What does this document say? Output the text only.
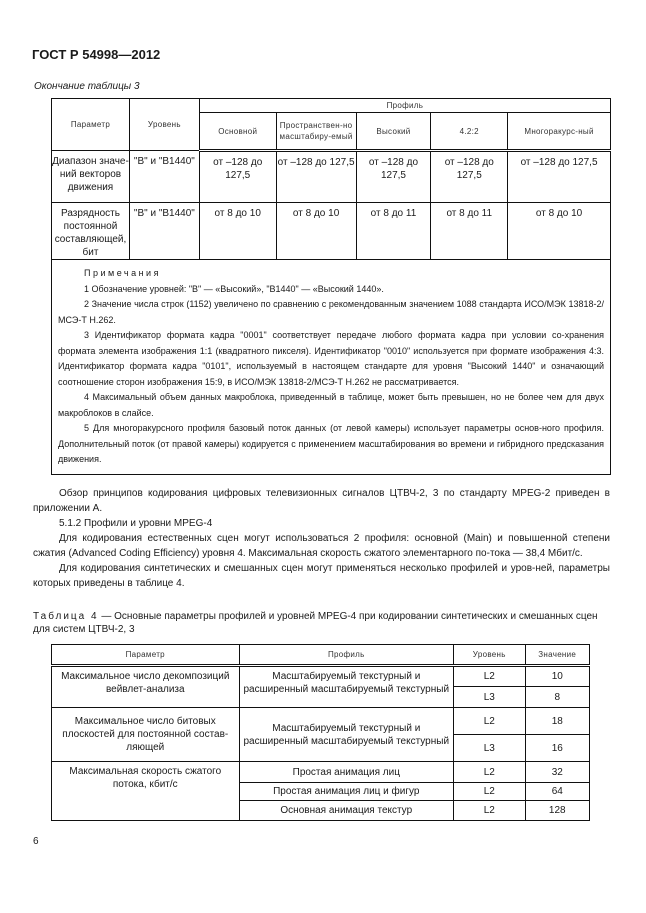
ГОСТ Р 54998—2012
Окончание таблицы 3
Параметр	Уровень	Профиль				
		Основной	Пространствен-но масштабиру-емый	Высокий	4.2:2	Многоракурс-ный
Диапазон значе-ний векторов движения	"В" и "В1440"	от –128 до 127,5	от –128 до 127,5	от –128 до 127,5	от –128 до 127,5	от –128 до 127,5
Разрядность постоянной составляющей, бит	"В" и "В1440"	от 8 до 10	от 8 до 10	от 8 до 11	от 8 до 11	от 8 до 10

Примечания

1 Обозначение уровней: "В" — «Высокий», "В1440" — «Высокий 1440».

2 Значение числа строк (1152) увеличено по сравнению с рекомендованным значением 1088 стандарта ИСО/МЭК 13818-2/МСЭ-Т Н.262.

3 Идентификатор формата кадра "0001" соответствует передаче любого формата кадра при условии со-хранения формата элемента изображения 1:1 (квадратного пикселя). Идентификатор "0010" используется при формате изображения 4:3. Идентификатор формата кадра "0101", используемый в настоящем стандарте для уровня "Высокий 1440" и означающий соотношение сторон изображения 15:9, в ИСО/МЭК 13818-2/МСЭ-Т Н.262 не рассматривается.

4 Максимальный объем данных макроблока, приведенный в таблице, может быть превышен, но не более чем для двух макроблоков в слайсе.

5 Для многоракурсного профиля базовый поток данных (от левой камеры) использует параметры основ-ного профиля. Дополнительный поток (от правой камеры) кодируется с применением масштабирования во времени и гибридного предсказания движения.

Обзор принципов кодирования цифровых телевизионных сигналов ЦТВЧ-2, 3 по стандарту MPEG-2 приведен в приложении А.

5.1.2 Профили и уровни MPEG-4

Для кодирования естественных сцен могут использоваться 2 профиля: основной (Main) и повышенной степени сжатия (Advanced Coding Efficiency) уровня 4. Максимальная скорость сжатого элементарного по-тока — 38,4 Мбит/с.

Для кодирования синтетических и смешанных сцен могут применяться несколько профилей и уров-ней, параметры которых приведены в таблице 4.

Таблица 4 — Основные параметры профилей и уровней MPEG-4 при кодировании синтетических и смешанных сцен для систем ЦТВЧ-2, 3
Параметр	Профиль	Уровень	Значение
Максимальное число декомпозиций вейвлет-анализа	Масштабируемый текстурный и расширенный масштабируемый текстурный	L2	10
		L3	8
Максимальное число битовых плоскостей для постоянной состав-ляющей	Масштабируемый текстурный и расширенный масштабируемый текстурный	L2	18
		L3	16
Максимальная скорость сжатого потока, кбит/с	Простая анимация лиц	L2	32
	Простая анимация лиц и фигур	L2	64
	Основная анимация текстур	L2	128
6
